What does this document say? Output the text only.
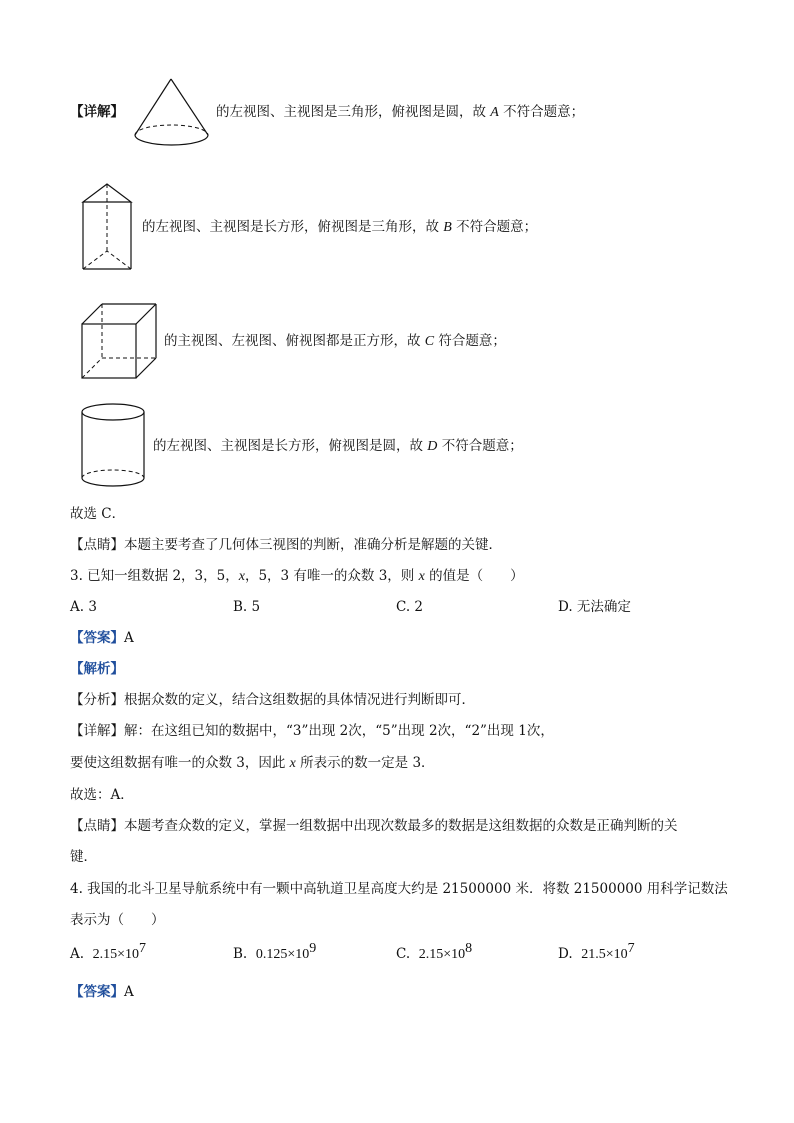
【详解】	的左视图、主视图是三角形，俯视图是圆，故 A 不符合题意；
的左视图、主视图是长方形，俯视图是三角形，故 B 不符合题意；
的主视图、左视图、俯视图都是正方形，故 C 符合题意；
的左视图、主视图是长方形，俯视图是圆，故 D 不符合题意；
故选 C．
【点睛】本题主要考查了几何体三视图的判断，准确分析是解题的关键．
3. 已知一组数据 2，3，5，x，5，3 有唯一的众数 3，则 x 的值是（　　）
A. 3	B. 5	C. 2	D. 无法确定
【答案】A
【解析】
【分析】根据众数的定义，结合这组数据的具体情况进行判断即可．
【详解】解：在这组已知的数据中，“3”出现 2次，“5”出现 2次，“2”出现 1次，
要使这组数据有唯一的众数 3，因此 x 所表示的数一定是 3．
故选：A．
【点睛】本题考查众数的定义，掌握一组数据中出现次数最多的数据是这组数据的众数是正确判断的关
键．
4. 我国的北斗卫星导航系统中有一颗中高轨道卫星高度大约是 21500000 米．将数 21500000 用科学记数法
表示为（　　）
A. $2.15\times 10^7$	B. $0.125\times 10^9$	C. $2.15\times 10^8$	D. $21.5\times 10^7$
【答案】A
